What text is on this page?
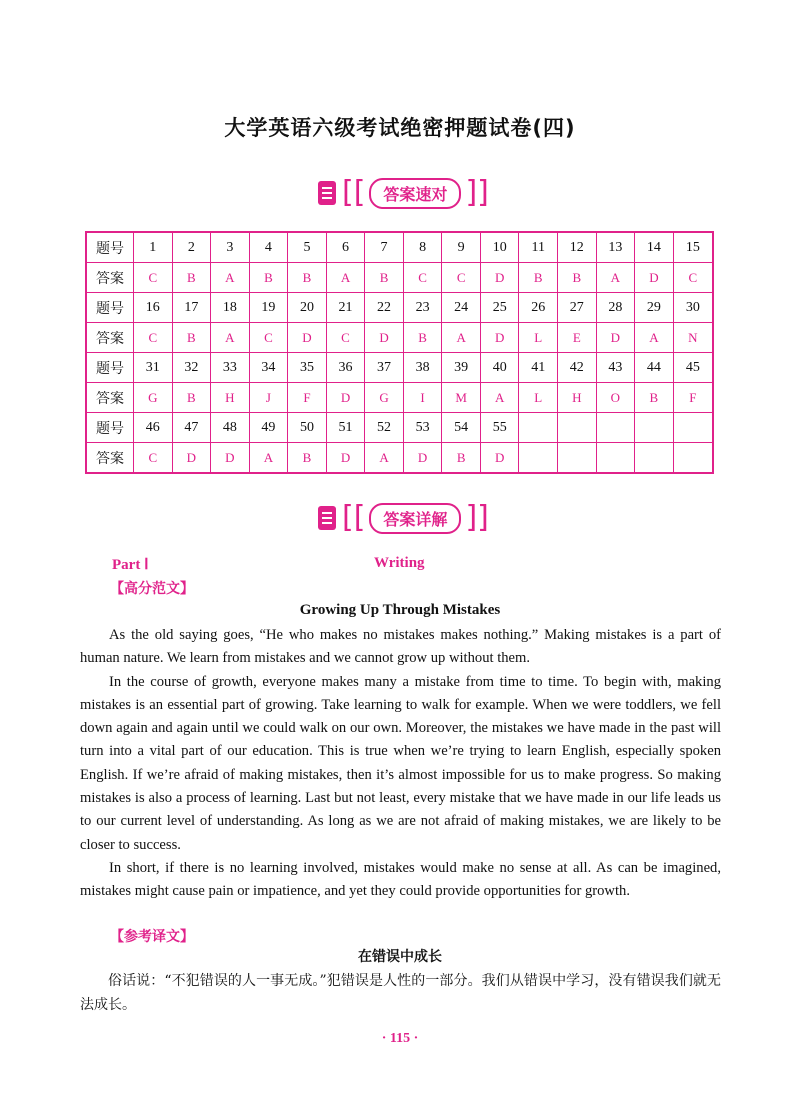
大学英语六级考试绝密押题试卷(四)
[[	答案速对 ]]
题号	1	2	3	4	5	6	7	8	9	10	11	12	13	14	15
答案	C	B	A	B	B	A	B	C	C	D	B	B	A	D	C
题号	16	17	18	19	20	21	22	23	24	25	26	27	28	29	30
答案	C	B	A	C	D	C	D	B	A	D	L	E	D	A	N
题号	31	32	33	34	35	36	37	38	39	40	41	42	43	44	45
答案	G	B	H	J	F	D	G	I	M	A	L	H	O	B	F
题号	46	47	48	49	50	51	52	53	54	55					
答案	C	D	D	A	B	D	A	D	B	D					
[[	答案详解 ]]
Part Ⅰ	Writing
【高分范文】
Growing Up Through Mistakes

As the old saying goes, “He who makes no mistakes makes nothing.” Making mistakes is a part of human nature. We learn from mistakes and we cannot grow up without them.

In the course of growth, everyone makes many a mistake from time to time. To begin with, making mistakes is an essential part of growing. Take learning to walk for example. When we were toddlers, we fell down again and again until we could walk on our own. Moreover, the mistakes we have made in the past will turn into a vital part of our education. This is true when we’re trying to learn English, especially spoken English. If we’re afraid of making mistakes, then it’s almost impossible for us to make progress. So making mistakes is also a process of learning. Last but not least, every mistake that we have made in our life leads us to our current level of understanding. As long as we are not afraid of making mistakes, we are likely to be closer to success.

In short, if there is no learning involved, mistakes would make no sense at all. As can be imagined, mistakes might cause pain or impatience, and yet they could provide opportunities for growth.

【参考译文】
在错误中成长

俗话说：“不犯错误的人一事无成。”犯错误是人性的一部分。我们从错误中学习，没有错误我们就无法成长。

· 115 ·
